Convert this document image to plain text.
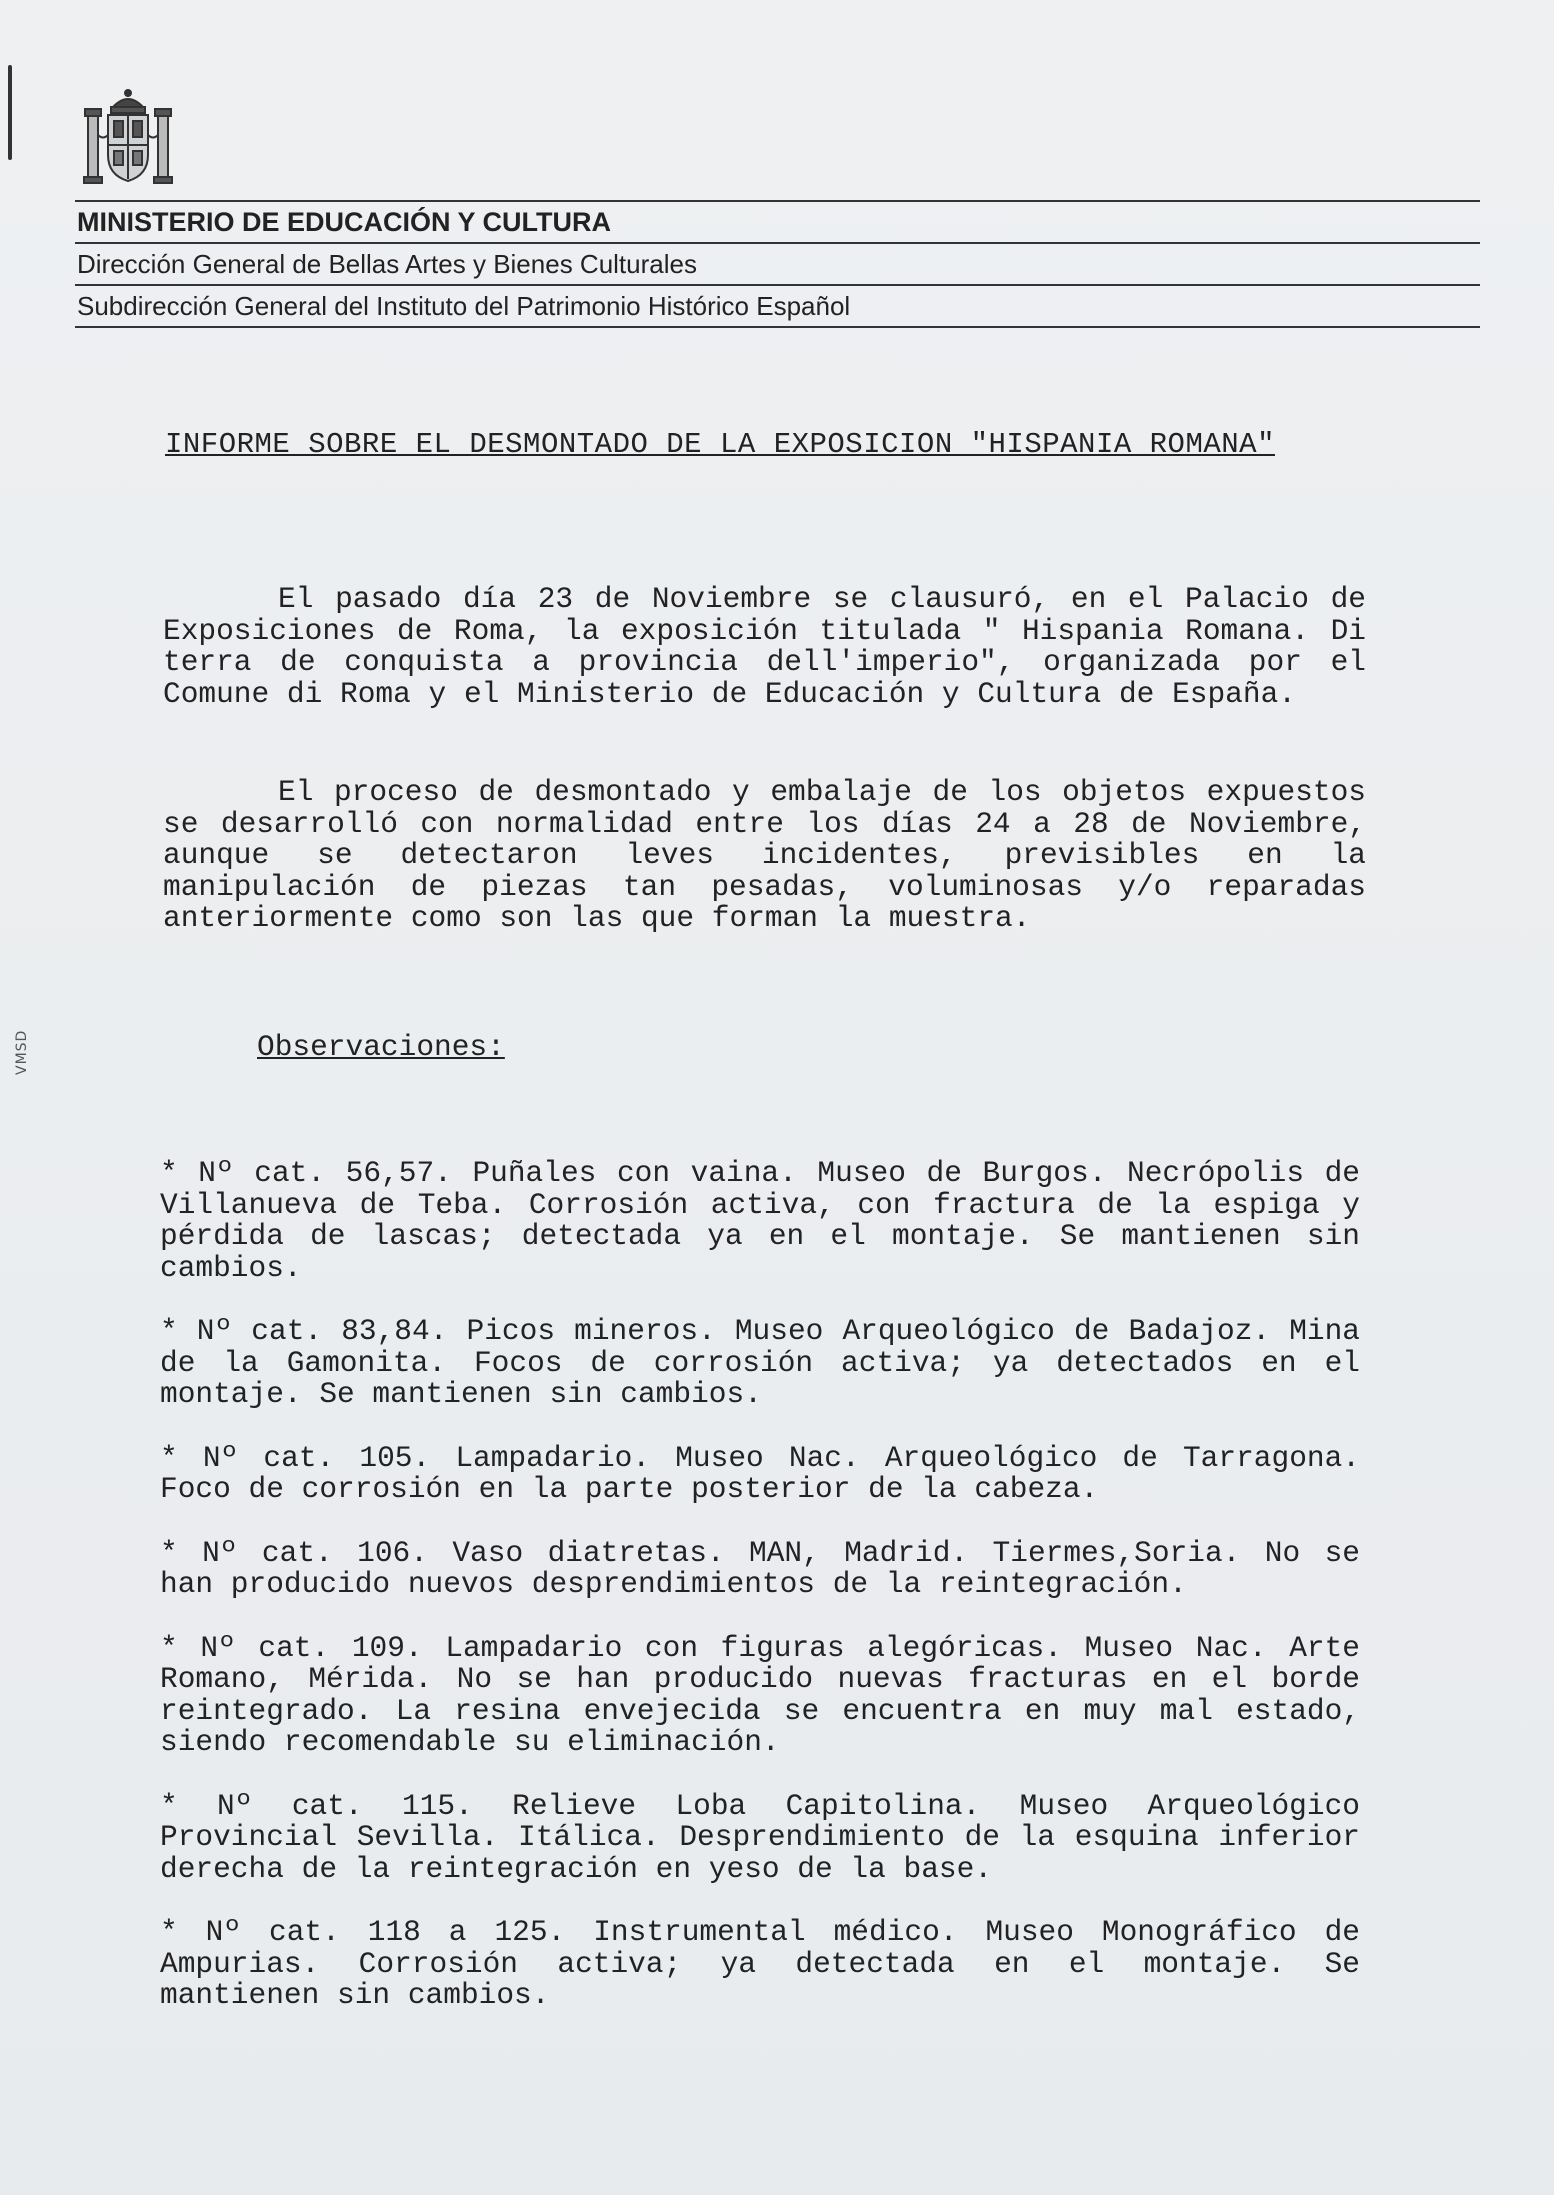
VMSD
MINISTERIO DE EDUCACIÓN Y CULTURA
Dirección General de Bellas Artes y Bienes Culturales
Subdirección General del Instituto del Patrimonio Histórico Español
INFORME SOBRE EL DESMONTADO DE LA EXPOSICION "HISPANIA ROMANA"
El pasado día 23 de Noviembre se clausuró, en el Palacio de Exposiciones de Roma, la exposición titulada " Hispania Romana. Di terra de conquista a provincia dell'imperio", organizada por el Comune di Roma y el Ministerio de Educación y Cultura de España.
El proceso de desmontado y embalaje de los objetos expuestos se desarrolló con normalidad entre los días 24 a 28 de Noviembre, aunque se detectaron leves incidentes, previsibles en la manipulación de piezas tan pesadas, voluminosas y/o reparadas anteriormente como son las que forman la muestra.
Observaciones:
* Nº cat. 56,57. Puñales con vaina. Museo de Burgos. Necrópolis de Villanueva de Teba. Corrosión activa, con fractura de la espiga y pérdida de lascas; detectada ya en el montaje. Se mantienen sin cambios.
* Nº cat. 83,84. Picos mineros. Museo Arqueológico de Badajoz. Mina de la Gamonita. Focos de corrosión activa; ya detectados en el montaje. Se mantienen sin cambios.
* Nº cat. 105. Lampadario. Museo Nac. Arqueológico de Tarragona. Foco de corrosión en la parte posterior de la cabeza.
* Nº cat. 106. Vaso diatretas. MAN, Madrid. Tiermes,Soria. No se han producido nuevos desprendimientos de la reintegración.
* Nº cat. 109. Lampadario con figuras alegóricas. Museo Nac. Arte Romano, Mérida. No se han producido nuevas fracturas en el borde reintegrado. La resina envejecida se encuentra en muy mal estado, siendo recomendable su eliminación.
* Nº cat. 115. Relieve Loba Capitolina. Museo Arqueológico Provincial Sevilla. Itálica. Desprendimiento de la esquina inferior derecha de la reintegración en yeso de la base.
* Nº cat. 118 a 125. Instrumental médico. Museo Monográfico de Ampurias. Corrosión activa; ya detectada en el montaje. Se mantienen sin cambios.
